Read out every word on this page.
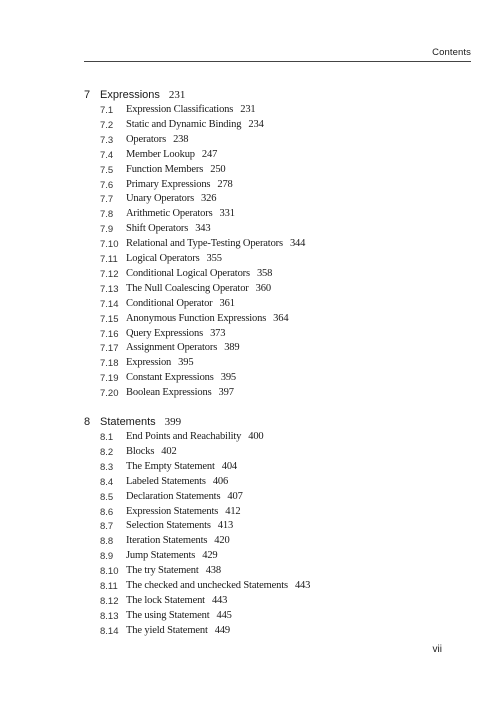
Contents
7 Expressions 231
7.1 Expression Classifications 231
7.2 Static and Dynamic Binding 234
7.3 Operators 238
7.4 Member Lookup 247
7.5 Function Members 250
7.6 Primary Expressions 278
7.7 Unary Operators 326
7.8 Arithmetic Operators 331
7.9 Shift Operators 343
7.10 Relational and Type-Testing Operators 344
7.11 Logical Operators 355
7.12 Conditional Logical Operators 358
7.13 The Null Coalescing Operator 360
7.14 Conditional Operator 361
7.15 Anonymous Function Expressions 364
7.16 Query Expressions 373
7.17 Assignment Operators 389
7.18 Expression 395
7.19 Constant Expressions 395
7.20 Boolean Expressions 397
8 Statements 399
8.1 End Points and Reachability 400
8.2 Blocks 402
8.3 The Empty Statement 404
8.4 Labeled Statements 406
8.5 Declaration Statements 407
8.6 Expression Statements 412
8.7 Selection Statements 413
8.8 Iteration Statements 420
8.9 Jump Statements 429
8.10 The try Statement 438
8.11 The checked and unchecked Statements 443
8.12 The lock Statement 443
8.13 The using Statement 445
8.14 The yield Statement 449
vii
